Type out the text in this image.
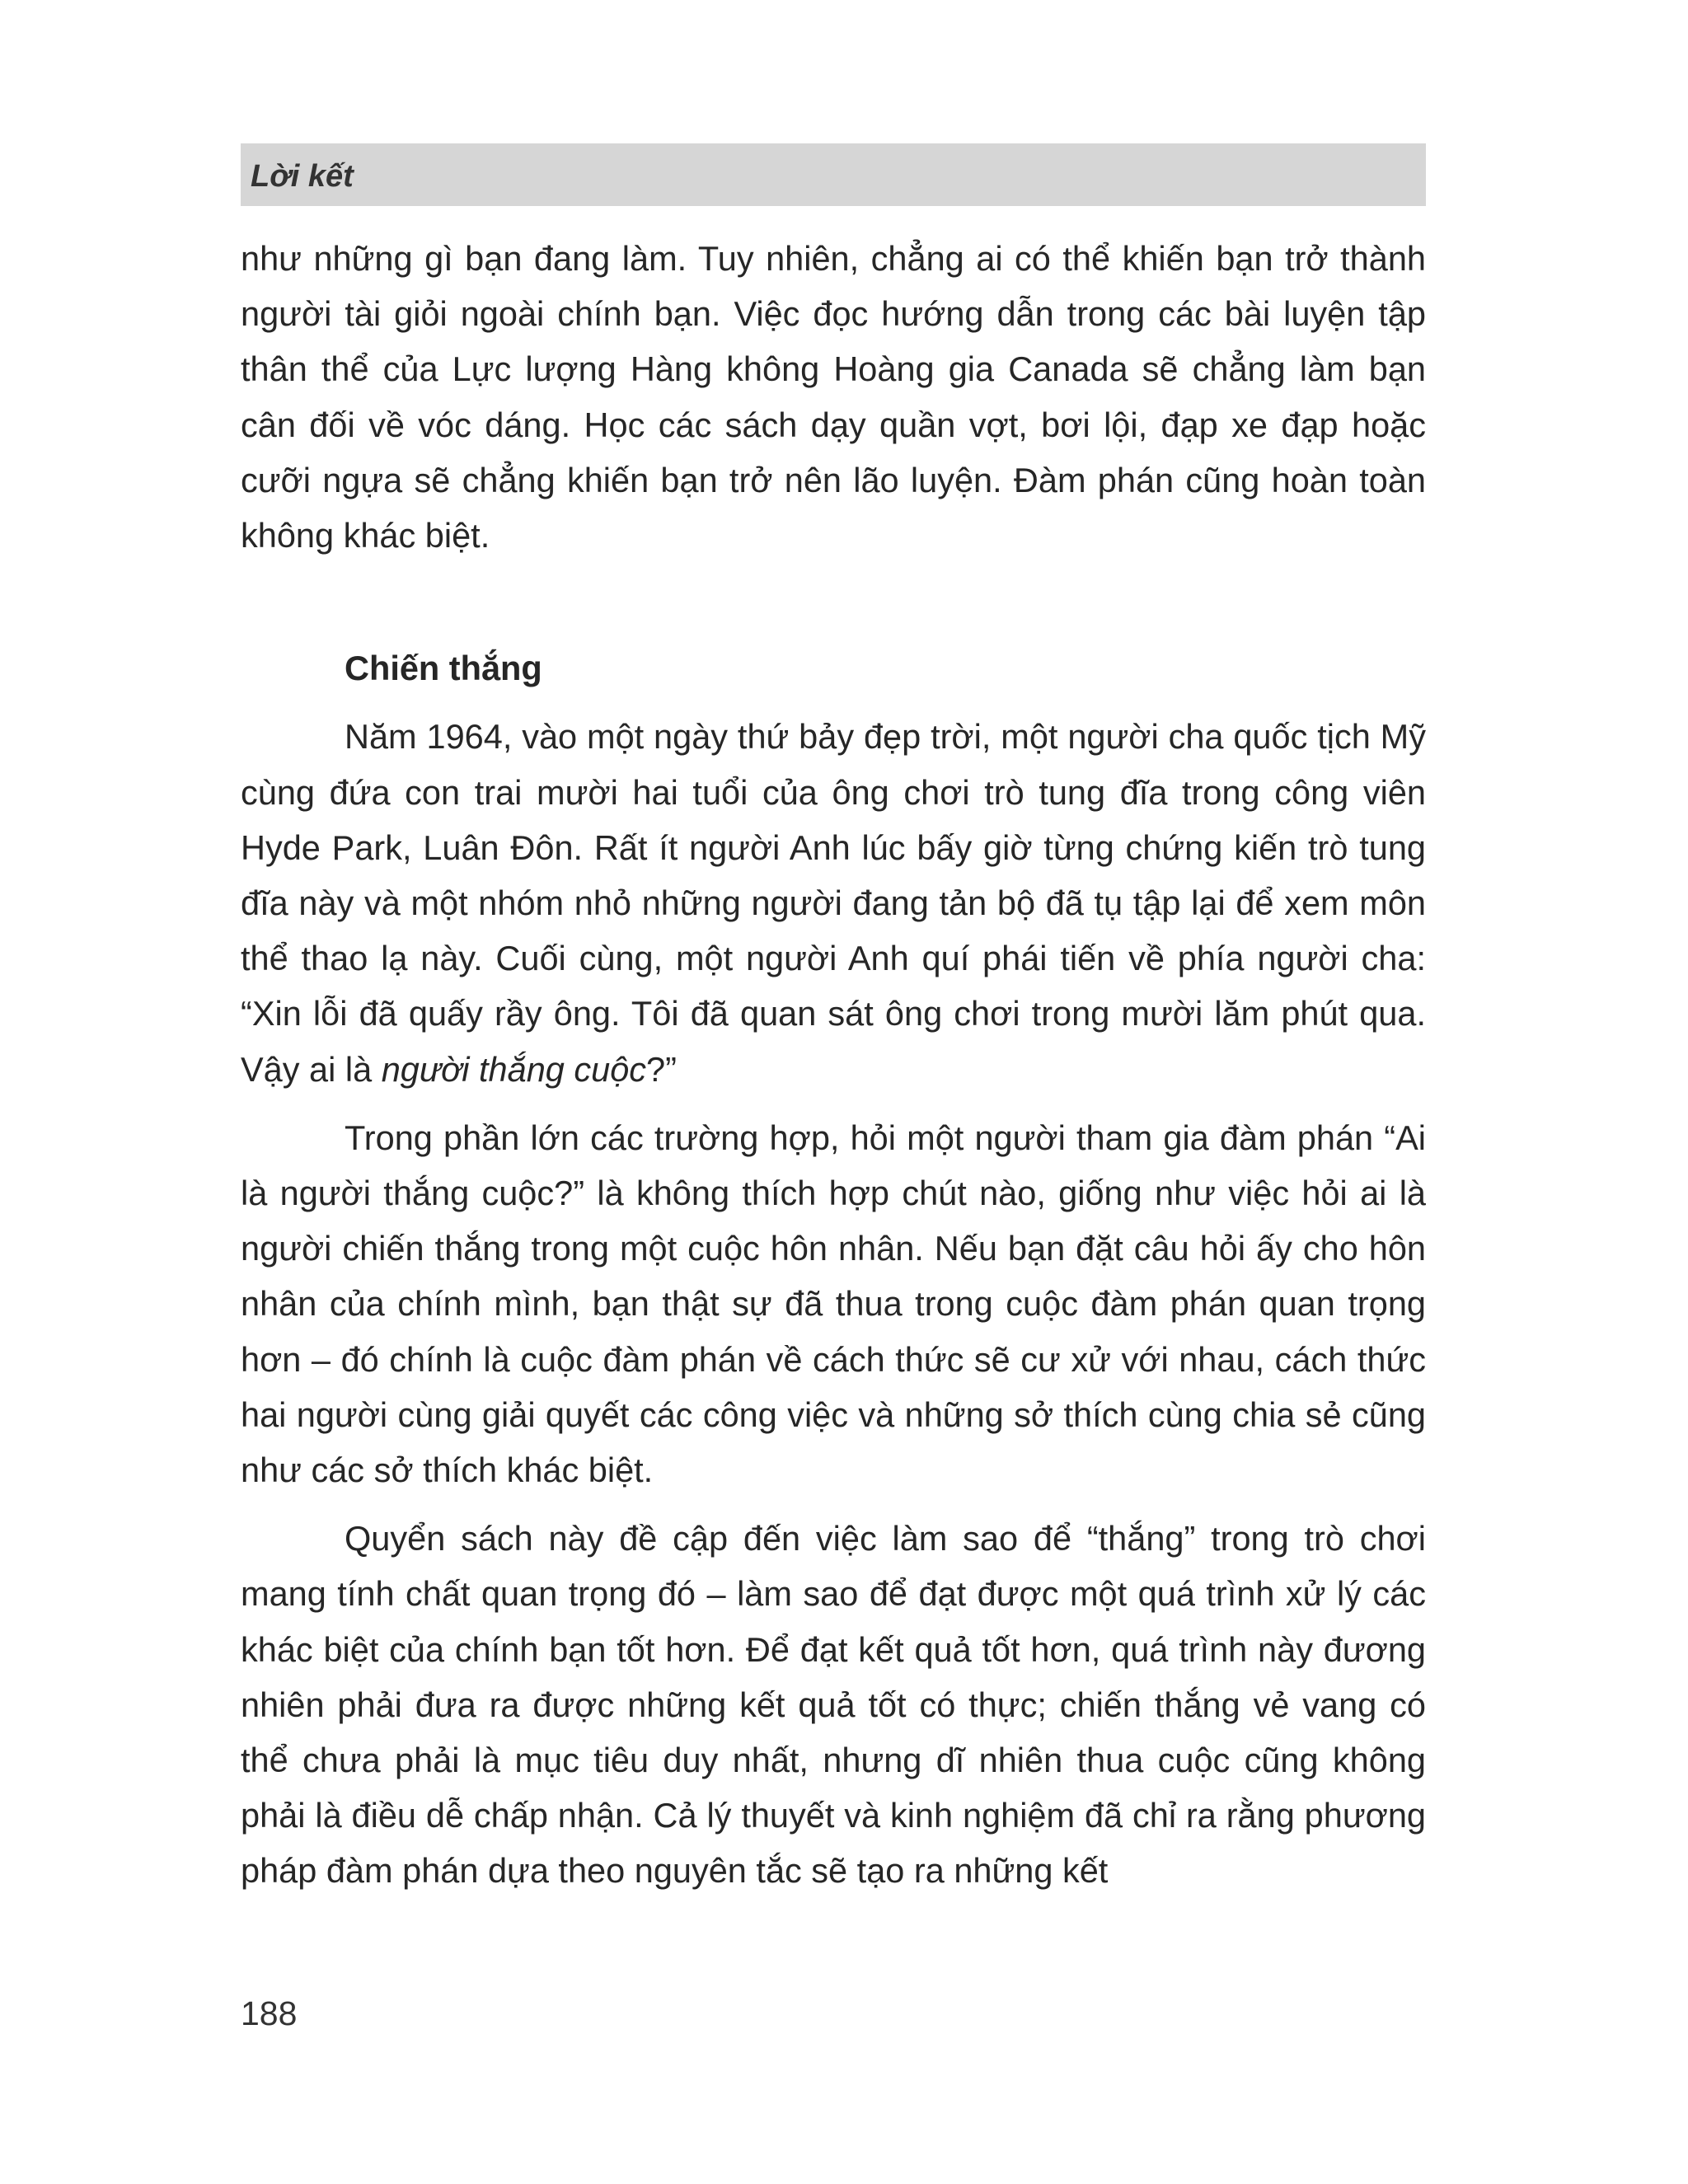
Lời kết

như những gì bạn đang làm. Tuy nhiên, chẳng ai có thể khiến bạn trở thành người tài giỏi ngoài chính bạn. Việc đọc hướng dẫn trong các bài luyện tập thân thể của Lực lượng Hàng không Hoàng gia Canada sẽ chẳng làm bạn cân đối về vóc dáng. Học các sách dạy quần vợt, bơi lội, đạp xe đạp hoặc cưỡi ngựa sẽ chẳng khiến bạn trở nên lão luyện. Đàm phán cũng hoàn toàn không khác biệt.

Chiến thắng

Năm 1964, vào một ngày thứ bảy đẹp trời, một người cha quốc tịch Mỹ cùng đứa con trai mười hai tuổi của ông chơi trò tung đĩa trong công viên Hyde Park, Luân Đôn. Rất ít người Anh lúc bấy giờ từng chứng kiến trò tung đĩa này và một nhóm nhỏ những người đang tản bộ đã tụ tập lại để xem môn thể thao lạ này. Cuối cùng, một người Anh quí phái tiến về phía người cha: “Xin lỗi đã quấy rầy ông. Tôi đã quan sát ông chơi trong mười lăm phút qua. Vậy ai là người thắng cuộc?”

Trong phần lớn các trường hợp, hỏi một người tham gia đàm phán “Ai là người thắng cuộc?” là không thích hợp chút nào, giống như việc hỏi ai là người chiến thắng trong một cuộc hôn nhân. Nếu bạn đặt câu hỏi ấy cho hôn nhân của chính mình, bạn thật sự đã thua trong cuộc đàm phán quan trọng hơn – đó chính là cuộc đàm phán về cách thức sẽ cư xử với nhau, cách thức hai người cùng giải quyết các công việc và những sở thích cùng chia sẻ cũng như các sở thích khác biệt.

Quyển sách này đề cập đến việc làm sao để “thắng” trong trò chơi mang tính chất quan trọng đó – làm sao để đạt được một quá trình xử lý các khác biệt của chính bạn tốt hơn. Để đạt kết quả tốt hơn, quá trình này đương nhiên phải đưa ra được những kết quả tốt có thực; chiến thắng vẻ vang có thể chưa phải là mục tiêu duy nhất, nhưng dĩ nhiên thua cuộc cũng không phải là điều dễ chấp nhận. Cả lý thuyết và kinh nghiệm đã chỉ ra rằng phương pháp đàm phán dựa theo nguyên tắc sẽ tạo ra những kết

188
